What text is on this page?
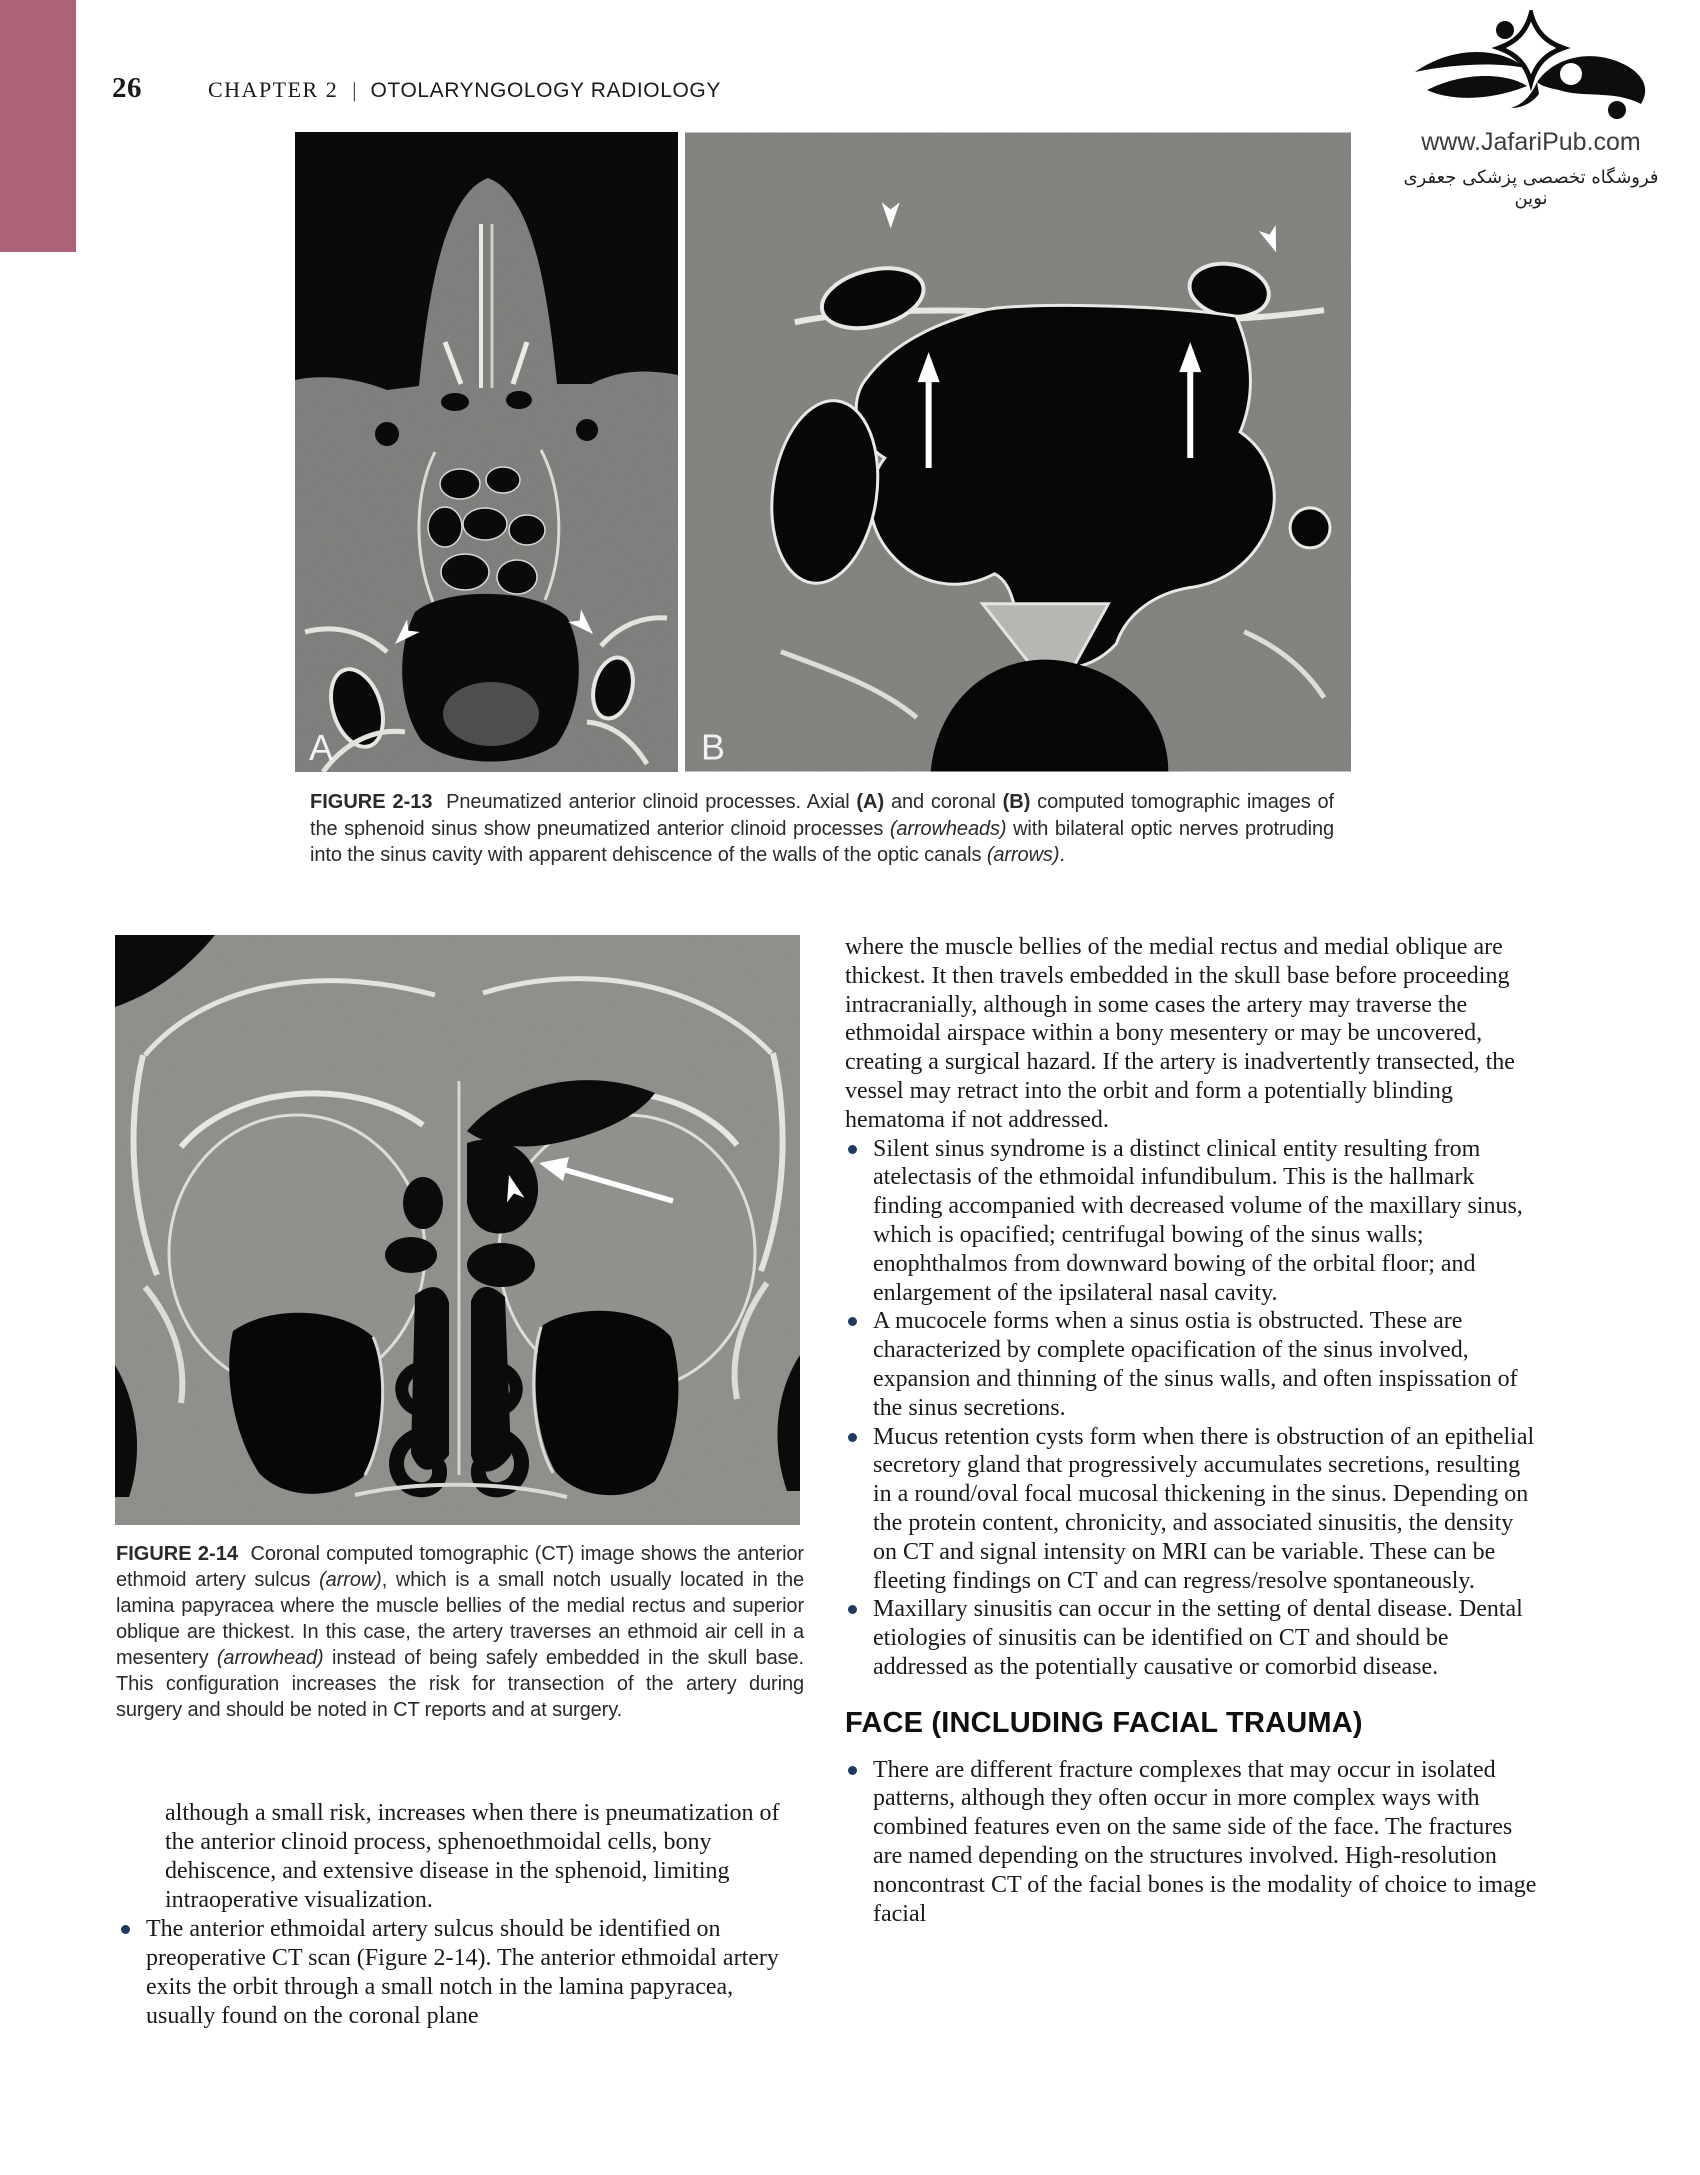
26	CHAPTER 2 | OTOLARYNGOLOGY RADIOLOGY
www.JafariPub.com
فروشگاه تخصصی پزشکی جعفری نوین
A	B
FIGURE 2-13  Pneumatized anterior clinoid processes. Axial (A) and coronal (B) computed tomographic images of the sphenoid sinus show pneumatized anterior clinoid processes (arrowheads) with bilateral optic nerves protruding into the sinus cavity with apparent dehiscence of the walls of the optic canals (arrows).
FIGURE 2-14  Coronal computed tomographic (CT) image shows the anterior ethmoid artery sulcus (arrow), which is a small notch usually located in the lamina papyracea where the muscle bellies of the medial rectus and superior oblique are thickest. In this case, the artery traverses an ethmoid air cell in a mesentery (arrowhead) instead of being safely embedded in the skull base. This configuration increases the risk for transection of the artery during surgery and should be noted in CT reports and at surgery.
where the muscle bellies of the medial rectus and medial oblique are thickest. It then travels embedded in the skull base before proceeding intracranially, although in some cases the artery may traverse the ethmoidal airspace within a bony mesentery or may be uncovered, creating a surgical hazard. If the artery is inadvertently transected, the vessel may retract into the orbit and form a potentially blinding hematoma if not addressed.
Silent sinus syndrome is a distinct clinical entity resulting from atelectasis of the ethmoidal infundibulum. This is the hallmark finding accompanied with decreased volume of the maxillary sinus, which is opacified; centrifugal bowing of the sinus walls; enophthalmos from downward bowing of the orbital floor; and enlargement of the ipsilateral nasal cavity.
A mucocele forms when a sinus ostia is obstructed. These are characterized by complete opacification of the sinus involved, expansion and thinning of the sinus walls, and often inspissation of the sinus secretions.
Mucus retention cysts form when there is obstruction of an epithelial secretory gland that progressively accumulates secretions, resulting in a round/oval focal mucosal thickening in the sinus. Depending on the protein content, chronicity, and associated sinusitis, the density on CT and signal intensity on MRI can be variable. These can be fleeting findings on CT and can regress/resolve spontaneously.
Maxillary sinusitis can occur in the setting of dental disease. Dental etiologies of sinusitis can be identified on CT and should be addressed as the potentially causative or comorbid disease.
FACE (INCLUDING FACIAL TRAUMA)
There are different fracture complexes that may occur in isolated patterns, although they often occur in more complex ways with combined features even on the same side of the face. The fractures are named depending on the structures involved. High-resolution noncontrast CT of the facial bones is the modality of choice to image facial
although a small risk, increases when there is pneumatization of the anterior clinoid process, sphenoethmoidal cells, bony dehiscence, and extensive disease in the sphenoid, limiting intraoperative visualization.
The anterior ethmoidal artery sulcus should be identified on preoperative CT scan (Figure 2-14). The anterior ethmoidal artery exits the orbit through a small notch in the lamina papyracea, usually found on the coronal plane
